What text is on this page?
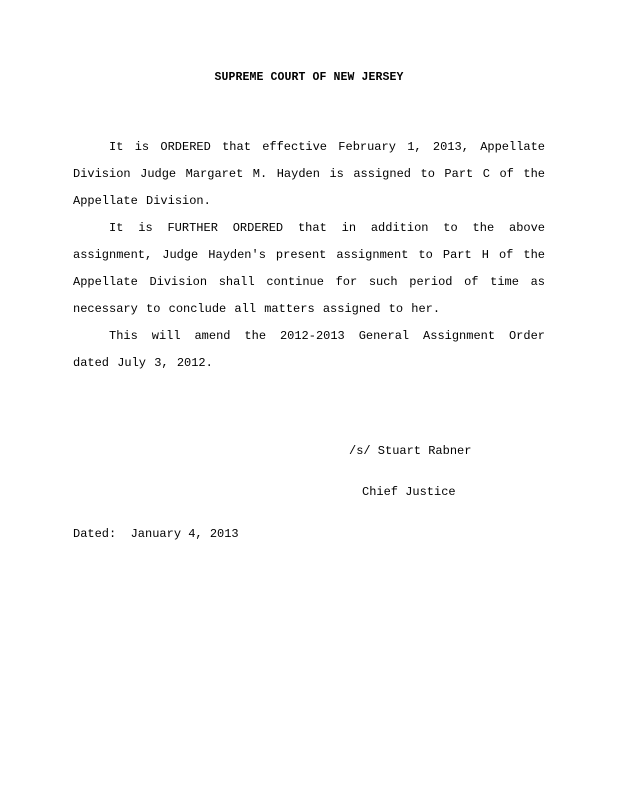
SUPREME COURT OF NEW JERSEY

It is ORDERED that effective February 1, 2013, Appellate Division Judge Margaret M. Hayden is assigned to Part C of the Appellate Division.

It is FURTHER ORDERED that in addition to the above assignment, Judge Hayden's present assignment to Part H of the Appellate Division shall continue for such period of time as necessary to conclude all matters assigned to her.

This will amend the 2012-2013 General Assignment Order dated July 3, 2012.

/s/ Stuart Rabner
Chief Justice
Dated:  January 4, 2013
